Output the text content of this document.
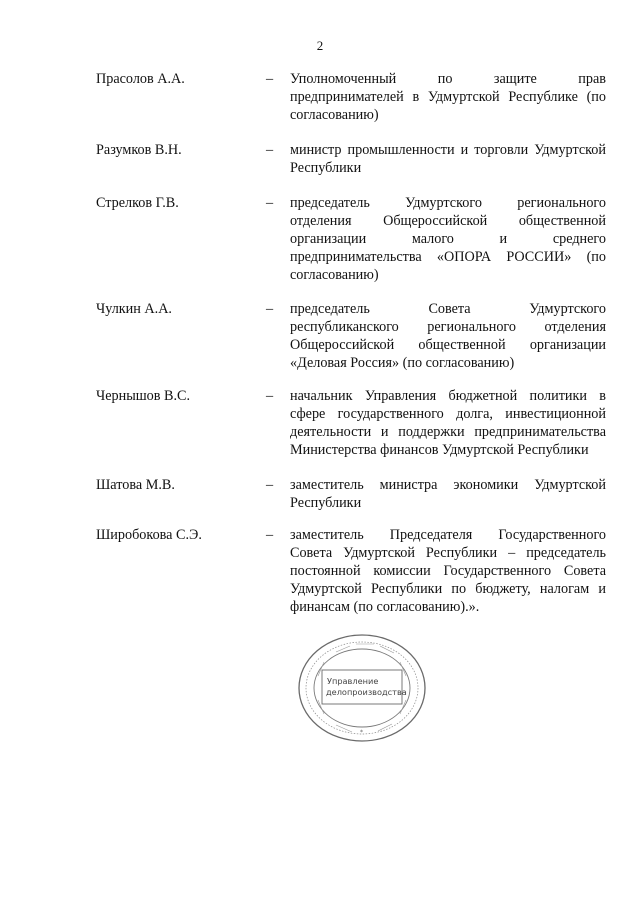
2
Прасолов А.А.	– Уполномоченный по защите прав предпринимателей в Удмуртской Республике (по согласованию)
Разумков В.Н.	– министр промышленности и торговли Удмуртской Республики
Стрелков Г.В.	– председатель Удмуртского регионального отделения Общероссийской общественной организации малого и среднего предпринимательства «ОПОРА РОССИИ» (по согласованию)
Чулкин А.А.	– председатель Совета Удмуртского республиканского регионального отделения Общероссийской общественной организации «Деловая Россия» (по согласованию)
Чернышов В.С.	– начальник Управления бюджетной политики в сфере государственного долга, инвестиционной деятельности и поддержки предпринимательства Министерства финансов Удмуртской Республики
Шатова М.В.	– заместитель министра экономики Удмуртской Республики
Широбокова С.Э.	– заместитель Председателя Государственного Совета Удмуртской Республики – председатель постоянной комиссии Государственного Совета Удмуртской Республики по бюджету, налогам и финансам (по согласованию).».
Управление
делопроизводства
*
